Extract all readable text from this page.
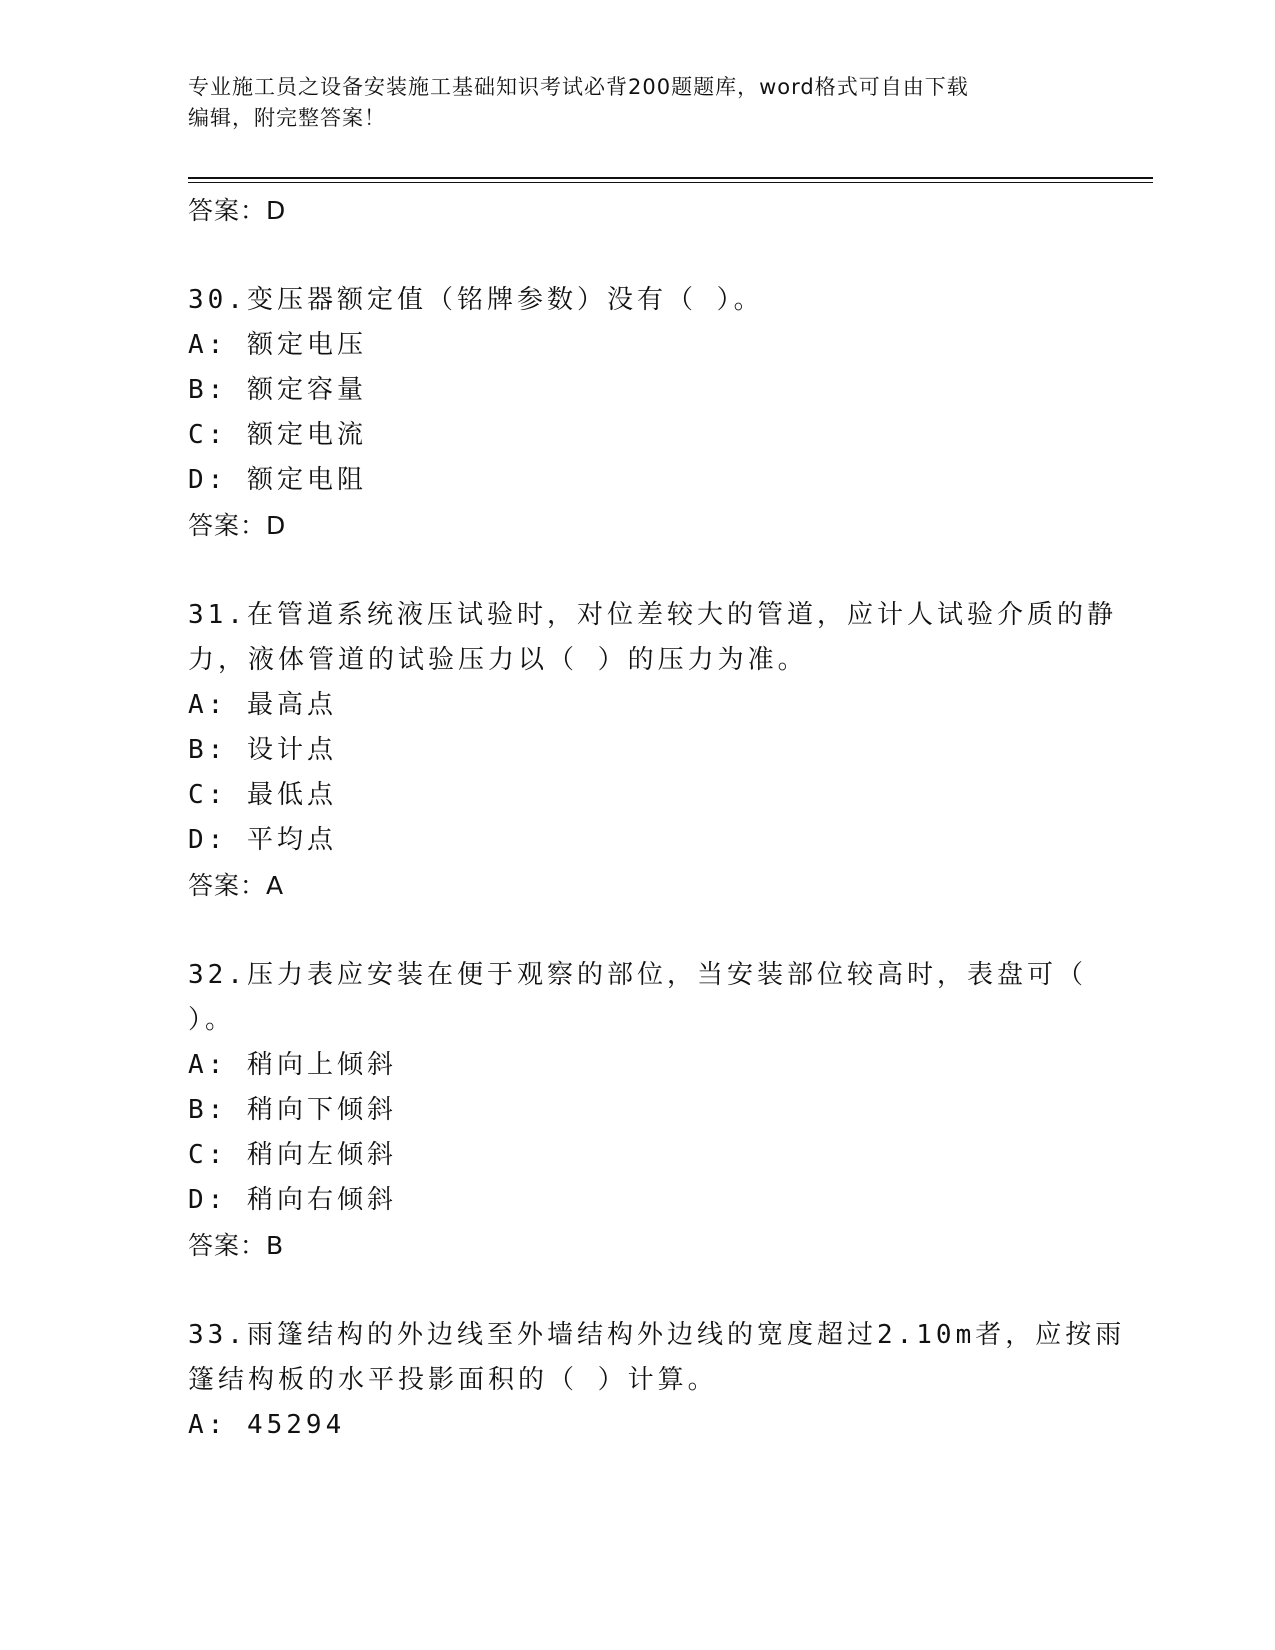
专业施工员之设备安装施工基础知识考试必背200题题库，word格式可自由下载
编辑，附完整答案！
答案：D
30.变压器额定值（铭牌参数）没有（ ）。
A: 额定电压
B: 额定容量
C: 额定电流
D: 额定电阻
答案：D
31.在管道系统液压试验时，对位差较大的管道，应计人试验介质的静力，液体管道的试验压力以（ ）的压力为准。
A: 最高点
B: 设计点
C: 最低点
D: 平均点
答案：A
32.压力表应安装在便于观察的部位，当安装部位较高时，表盘可（ ）。
A: 稍向上倾斜
B: 稍向下倾斜
C: 稍向左倾斜
D: 稍向右倾斜
答案：B
33.雨篷结构的外边线至外墙结构外边线的宽度超过2.10m者，应按雨篷结构板的水平投影面积的（ ）计算。
A: 45294
